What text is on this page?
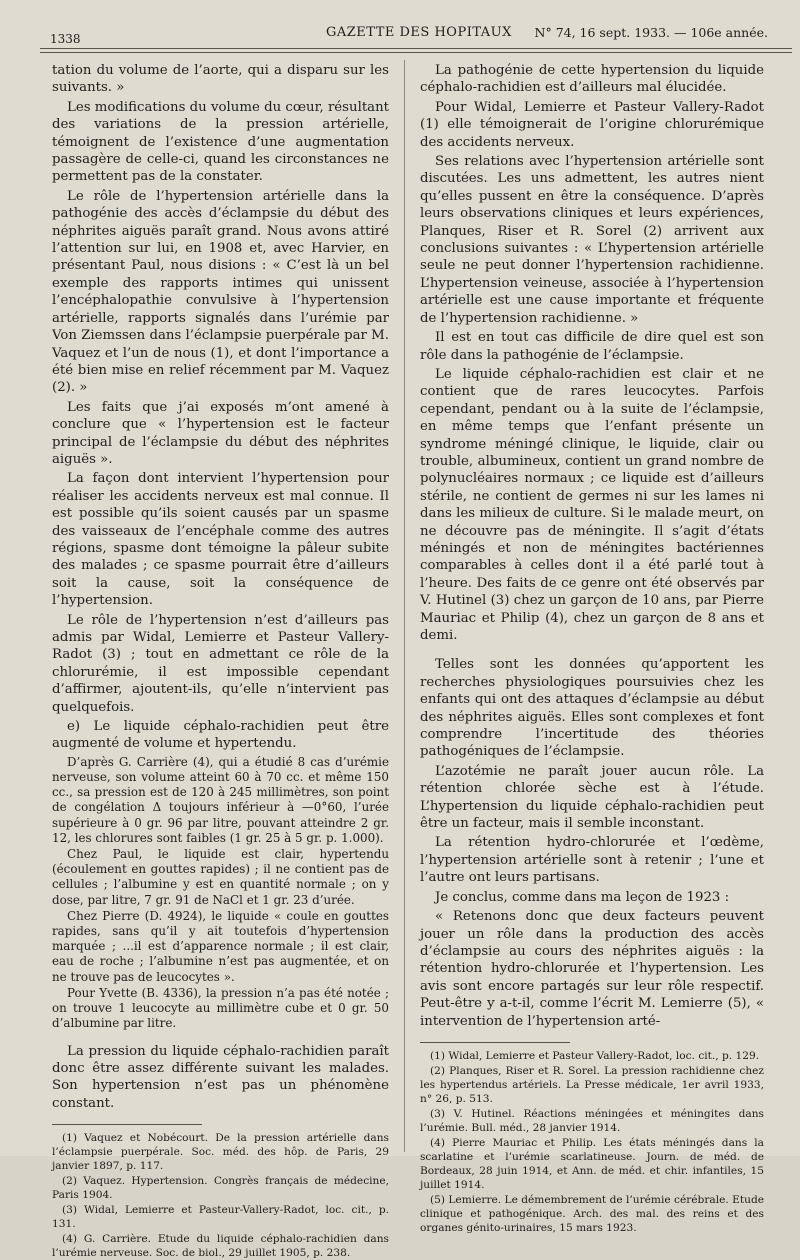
1338	GAZETTE DES HOPITAUX N° 74, 16 sept. 1933. — 106e année.

tation du volume de l’aorte, qui a disparu sur les suivants. »

Les modifications du volume du cœur, résultant des variations de la pression artérielle, témoignent de l’existence d’une augmentation passagère de celle-ci, quand les circonstances ne permettent pas de la constater.

Le rôle de l’hypertension artérielle dans la pathogénie des accès d’éclampsie du début des néphrites aiguës paraît grand. Nous avons attiré l’attention sur lui, en 1908 et, avec Harvier, en présentant Paul, nous disions : « C’est là un bel exemple des rapports intimes qui unissent l’encéphalopathie convulsive à l’hypertension artérielle, rapports signalés dans l’urémie par Von Ziemssen dans l’éclampsie puerpérale par M. Vaquez et l’un de nous (1), et dont l’importance a été bien mise en relief récemment par M. Vaquez (2). »

Les faits que j’ai exposés m’ont amené à conclure que « l’hypertension est le facteur principal de l’éclampsie du début des néphrites aiguës ».

La façon dont intervient l’hypertension pour réaliser les accidents nerveux est mal connue. Il est possible qu’ils soient causés par un spasme des vaisseaux de l’encéphale comme des autres régions, spasme dont témoigne la pâleur subite des malades ; ce spasme pourrait être d’ailleurs soit la cause, soit la conséquence de l’hypertension.

Le rôle de l’hypertension n’est d’ailleurs pas admis par Widal, Lemierre et Pasteur Vallery-Radot (3) ; tout en admettant ce rôle de la chlorurémie, il est impossible cependant d’affirmer, ajoutent-ils, qu’elle n’intervient pas quelquefois.

e) Le liquide céphalo-rachidien peut être augmenté de volume et hypertendu.

D’après G. Carrière (4), qui a étudié 8 cas d’urémie nerveuse, son volume atteint 60 à 70 cc. et même 150 cc., sa pression est de 120 à 245 millimètres, son point de congélation Δ toujours inférieur à —0°60, l’urée supérieure à 0 gr. 96 par litre, pouvant atteindre 2 gr. 12, les chlorures sont faibles (1 gr. 25 à 5 gr. p. 1.000).

Chez Paul, le liquide est clair, hypertendu (écoulement en gouttes rapides) ; il ne contient pas de cellules ; l’albumine y est en quantité normale ; on y dose, par litre, 7 gr. 91 de NaCl et 1 gr. 23 d’urée.

Chez Pierre (D. 4924), le liquide « coule en gouttes rapides, sans qu’il y ait toutefois d’hypertension marquée ; ...il est d’apparence normale ; il est clair, eau de roche ; l’albumine n’est pas augmentée, et on ne trouve pas de leucocytes ».

Pour Yvette (B. 4336), la pression n’a pas été notée ; on trouve 1 leucocyte au millimètre cube et 0 gr. 50 d’albumine par litre.

La pression du liquide céphalo-rachidien paraît donc être assez différente suivant les malades. Son hypertension n’est pas un phénomène constant.

(1) Vaquez et Nobécourt. De la pression artérielle dans l’éclampsie puerpérale. Soc. méd. des hôp. de Paris, 29 janvier 1897, p. 117.

(2) Vaquez. Hypertension. Congrès français de médecine, Paris 1904.

(3) Widal, Lemierre et Pasteur-Vallery-Radot, loc. cit., p. 131.

(4) G. Carrière. Etude du liquide céphalo-rachidien dans l’urémie nerveuse. Soc. de biol., 29 juillet 1905, p. 238.

La pathogénie de cette hypertension du liquide céphalo-rachidien est d’ailleurs mal élucidée.

Pour Widal, Lemierre et Pasteur Vallery-Radot (1) elle témoignerait de l’origine chlorurémique des accidents nerveux.

Ses relations avec l’hypertension artérielle sont discutées. Les uns admettent, les autres nient qu’elles pussent en être la conséquence. D’après leurs observations cliniques et leurs expériences, Planques, Riser et R. Sorel (2) arrivent aux conclusions suivantes : « L’hypertension artérielle seule ne peut donner l’hypertension rachidienne. L’hypertension veineuse, associée à l’hypertension artérielle est une cause importante et fréquente de l’hypertension rachidienne. »

Il est en tout cas difficile de dire quel est son rôle dans la pathogénie de l’éclampsie.

Le liquide céphalo-rachidien est clair et ne contient que de rares leucocytes. Parfois cependant, pendant ou à la suite de l’éclampsie, en même temps que l’enfant présente un syndrome méningé clinique, le liquide, clair ou trouble, albumineux, contient un grand nombre de polynucléaires normaux ; ce liquide est d’ailleurs stérile, ne contient de germes ni sur les lames ni dans les milieux de culture. Si le malade meurt, on ne découvre pas de méningite. Il s’agit d’états méningés et non de méningites bactériennes comparables à celles dont il a été parlé tout à l’heure. Des faits de ce genre ont été observés par V. Hutinel (3) chez un garçon de 10 ans, par Pierre Mauriac et Philip (4), chez un garçon de 8 ans et demi.

Telles sont les données qu’apportent les recherches physiologiques poursuivies chez les enfants qui ont des attaques d’éclampsie au début des néphrites aiguës. Elles sont complexes et font comprendre l’incertitude des théories pathogéniques de l’éclampsie.

L’azotémie ne paraît jouer aucun rôle. La rétention chlorée sèche est à l’étude. L’hypertension du liquide céphalo-rachidien peut être un facteur, mais il semble inconstant.

La rétention hydro-chlorurée et l’œdème, l’hypertension artérielle sont à retenir ; l’une et l’autre ont leurs partisans.

Je conclus, comme dans ma leçon de 1923 :

« Retenons donc que deux facteurs peuvent jouer un rôle dans la production des accès d’éclampsie au cours des néphrites aiguës : la rétention hydro-chlorurée et l’hypertension. Les avis sont encore partagés sur leur rôle respectif. Peut-être y a-t-il, comme l’écrit M. Lemierre (5), « intervention de l’hypertension arté-

(1) Widal, Lemierre et Pasteur Vallery-Radot, loc. cit., p. 129.

(2) Planques, Riser et R. Sorel. La pression rachidienne chez les hypertendus artériels. La Presse médicale, 1er avril 1933, n° 26, p. 513.

(3) V. Hutinel. Réactions méningées et méningites dans l’urémie. Bull. méd., 28 janvier 1914.

(4) Pierre Mauriac et Philip. Les états méningés dans la scarlatine et l’urémie scarlatineuse. Journ. de méd. de Bordeaux, 28 juin 1914, et Ann. de méd. et chir. infantiles, 15 juillet 1914.

(5) Lemierre. Le démembrement de l’urémie cérébrale. Etude clinique et pathogénique. Arch. des mal. des reins et des organes génito-urinaires, 15 mars 1923.
